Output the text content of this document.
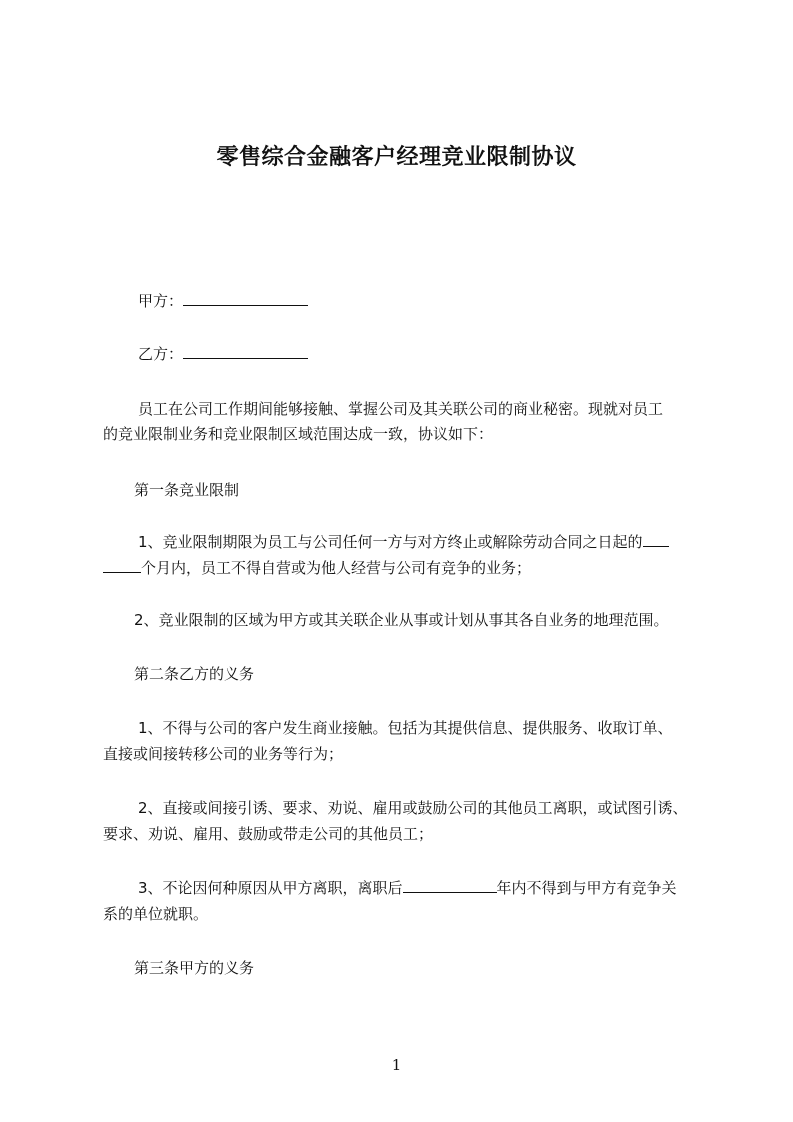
零售综合金融客户经理竞业限制协议
甲方：
乙方：
员工在公司工作期间能够接触、掌握公司及其关联公司的商业秘密。现就对员工
的竞业限制业务和竞业限制区域范围达成一致，协议如下：
第一条竞业限制
1、竞业限制期限为员工与公司任何一方与对方终止或解除劳动合同之日起的
个月内，员工不得自营或为他人经营与公司有竞争的业务；
2、竞业限制的区域为甲方或其关联企业从事或计划从事其各自业务的地理范围。
第二条乙方的义务
1、不得与公司的客户发生商业接触。包括为其提供信息、提供服务、收取订单、
直接或间接转移公司的业务等行为；
2、直接或间接引诱、要求、劝说、雇用或鼓励公司的其他员工离职，或试图引诱、
要求、劝说、雇用、鼓励或带走公司的其他员工；
3、不论因何种原因从甲方离职，离职后	年内不得到与甲方有竞争关
系的单位就职。
第三条甲方的义务
1
